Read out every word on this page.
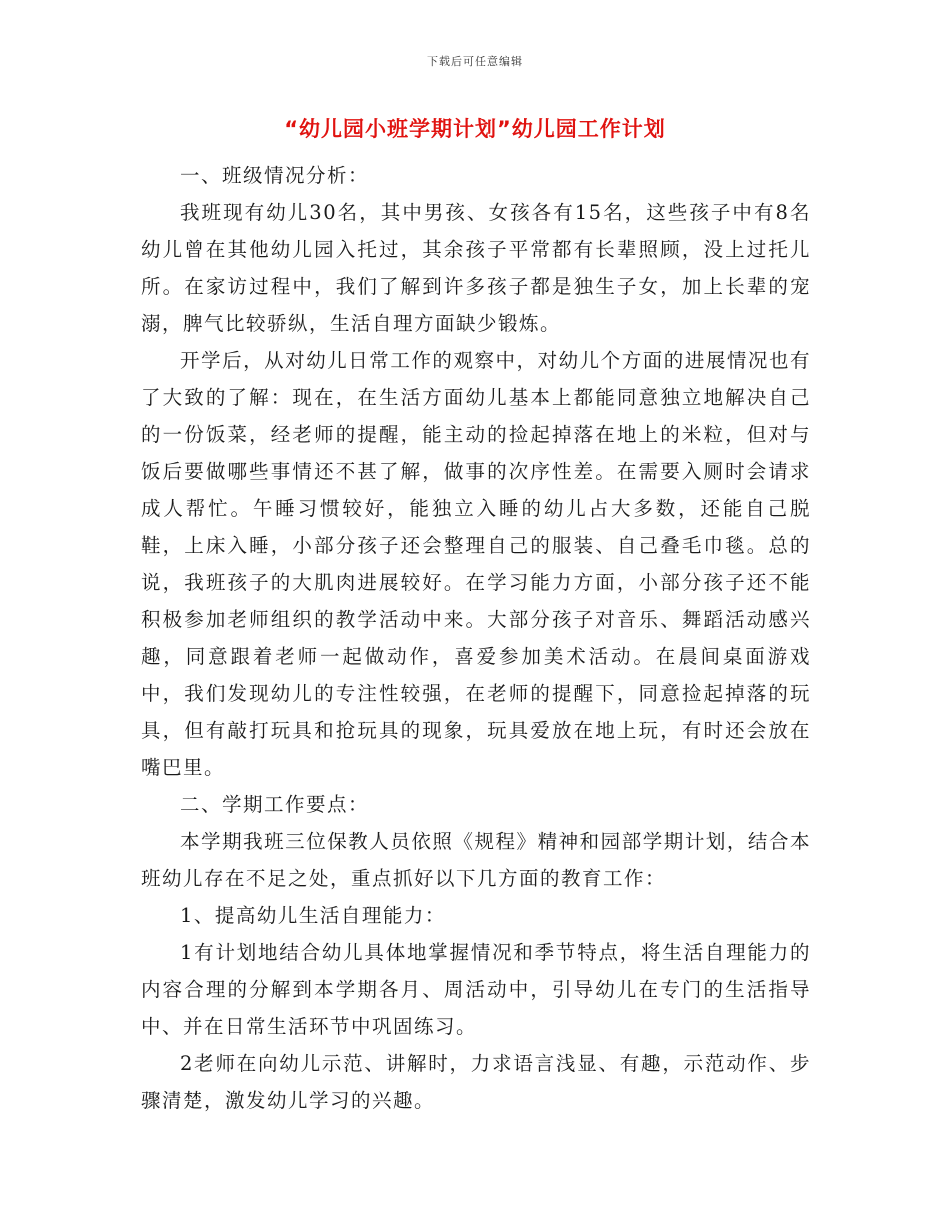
下载后可任意编辑
“幼儿园小班学期计划”幼儿园工作计划

一、班级情况分析：

我班现有幼儿30名，其中男孩、女孩各有15名，这些孩子中有8名幼儿曾在其他幼儿园入托过，其余孩子平常都有长辈照顾，没上过托儿所。在家访过程中，我们了解到许多孩子都是独生子女，加上长辈的宠溺，脾气比较骄纵，生活自理方面缺少锻炼。

开学后，从对幼儿日常工作的观察中，对幼儿个方面的进展情况也有了大致的了解：现在，在生活方面幼儿基本上都能同意独立地解决自己的一份饭菜，经老师的提醒，能主动的捡起掉落在地上的米粒，但对与饭后要做哪些事情还不甚了解，做事的次序性差。在需要入厕时会请求成人帮忙。午睡习惯较好，能独立入睡的幼儿占大多数，还能自己脱鞋，上床入睡，小部分孩子还会整理自己的服装、自己叠毛巾毯。总的说，我班孩子的大肌肉进展较好。在学习能力方面，小部分孩子还不能积极参加老师组织的教学活动中来。大部分孩子对音乐、舞蹈活动感兴趣，同意跟着老师一起做动作，喜爱参加美术活动。在晨间桌面游戏中，我们发现幼儿的专注性较强，在老师的提醒下，同意捡起掉落的玩具，但有敲打玩具和抢玩具的现象，玩具爱放在地上玩，有时还会放在嘴巴里。

二、学期工作要点：

本学期我班三位保教人员依照《规程》精神和园部学期计划，结合本班幼儿存在不足之处，重点抓好以下几方面的教育工作：

1、提高幼儿生活自理能力：

1有计划地结合幼儿具体地掌握情况和季节特点，将生活自理能力的内容合理的分解到本学期各月、周活动中，引导幼儿在专门的生活指导中、并在日常生活环节中巩固练习。

2老师在向幼儿示范、讲解时，力求语言浅显、有趣，示范动作、步骤清楚，激发幼儿学习的兴趣。
